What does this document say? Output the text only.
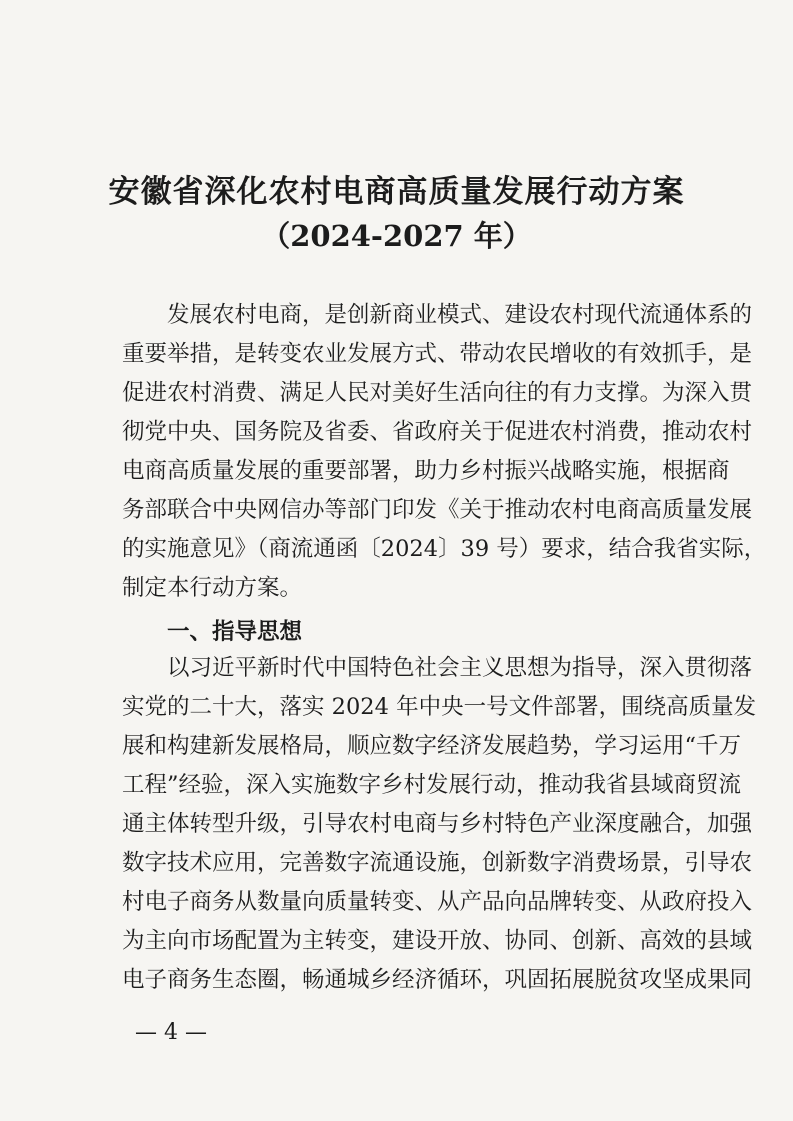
安徽省深化农村电商高质量发展行动方案
（2024-2027 年）
发展农村电商，是创新商业模式、建设农村现代流通体系的
重要举措，是转变农业发展方式、带动农民增收的有效抓手，是
促进农村消费、满足人民对美好生活向往的有力支撑。为深入贯
彻党中央、国务院及省委、省政府关于促进农村消费，推动农村
电商高质量发展的重要部署，助力乡村振兴战略实施，根据商
务部联合中央网信办等部门印发《关于推动农村电商高质量发展
的实施意见》（商流通函〔2024〕39 号）要求，结合我省实际，
制定本行动方案。
一、指导思想
以习近平新时代中国特色社会主义思想为指导，深入贯彻落
实党的二十大，落实 2024 年中央一号文件部署，围绕高质量发
展和构建新发展格局，顺应数字经济发展趋势，学习运用“千万
工程”经验，深入实施数字乡村发展行动，推动我省县域商贸流
通主体转型升级，引导农村电商与乡村特色产业深度融合，加强
数字技术应用，完善数字流通设施，创新数字消费场景，引导农
村电子商务从数量向质量转变、从产品向品牌转变、从政府投入
为主向市场配置为主转变，建设开放、协同、创新、高效的县域
电子商务生态圈，畅通城乡经济循环，巩固拓展脱贫攻坚成果同
— 4 —
